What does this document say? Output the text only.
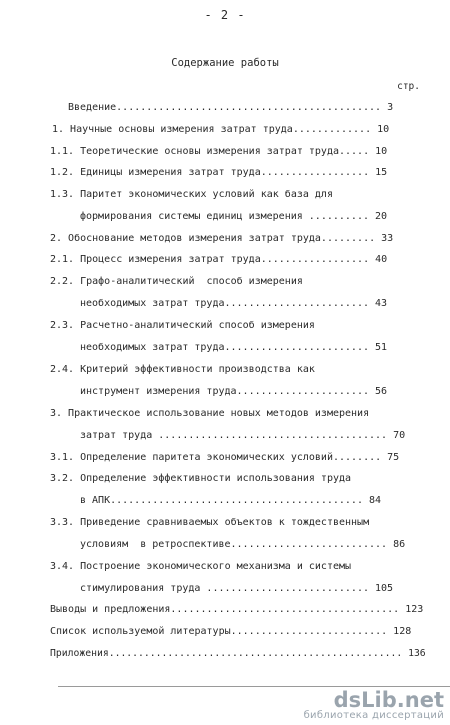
- 2 -
Содержание работы
стр.
Введение............................................ 3
1. Научные основы измерения затрат труда............. 10
1.1. Теоретические основы измерения затрат труда..... 10
1.2. Единицы измерения затрат труда.................. 15
1.3. Паритет экономических условий как база для
формирования системы единиц измерения .......... 20
2. Обоснование методов измерения затрат труда......... 33
2.1. Процесс измерения затрат труда.................. 40
2.2. Графо-аналитический  способ измерения
необходимых затрат труда........................ 43
2.3. Расчетно-аналитический способ измерения
необходимых затрат труда........................ 51
2.4. Критерий эффективности производства как
инструмент измерения труда...................... 56
3. Практическое использование новых методов измерения
затрат труда ...................................... 70
3.1. Определение паритета экономических условий........ 75
3.2. Определение эффективности использования труда
в АПК.......................................... 84
3.3. Приведение сравниваемых объектов к тождественным
условиям  в ретроспективе.......................... 86
3.4. Построение экономического механизма и системы
стимулирования труда ........................... 105
Выводы и предложения...................................... 123
Список используемой литературы.......................... 128
Приложения.................................................. 136
dsLib.net
библиотека диссертаций
